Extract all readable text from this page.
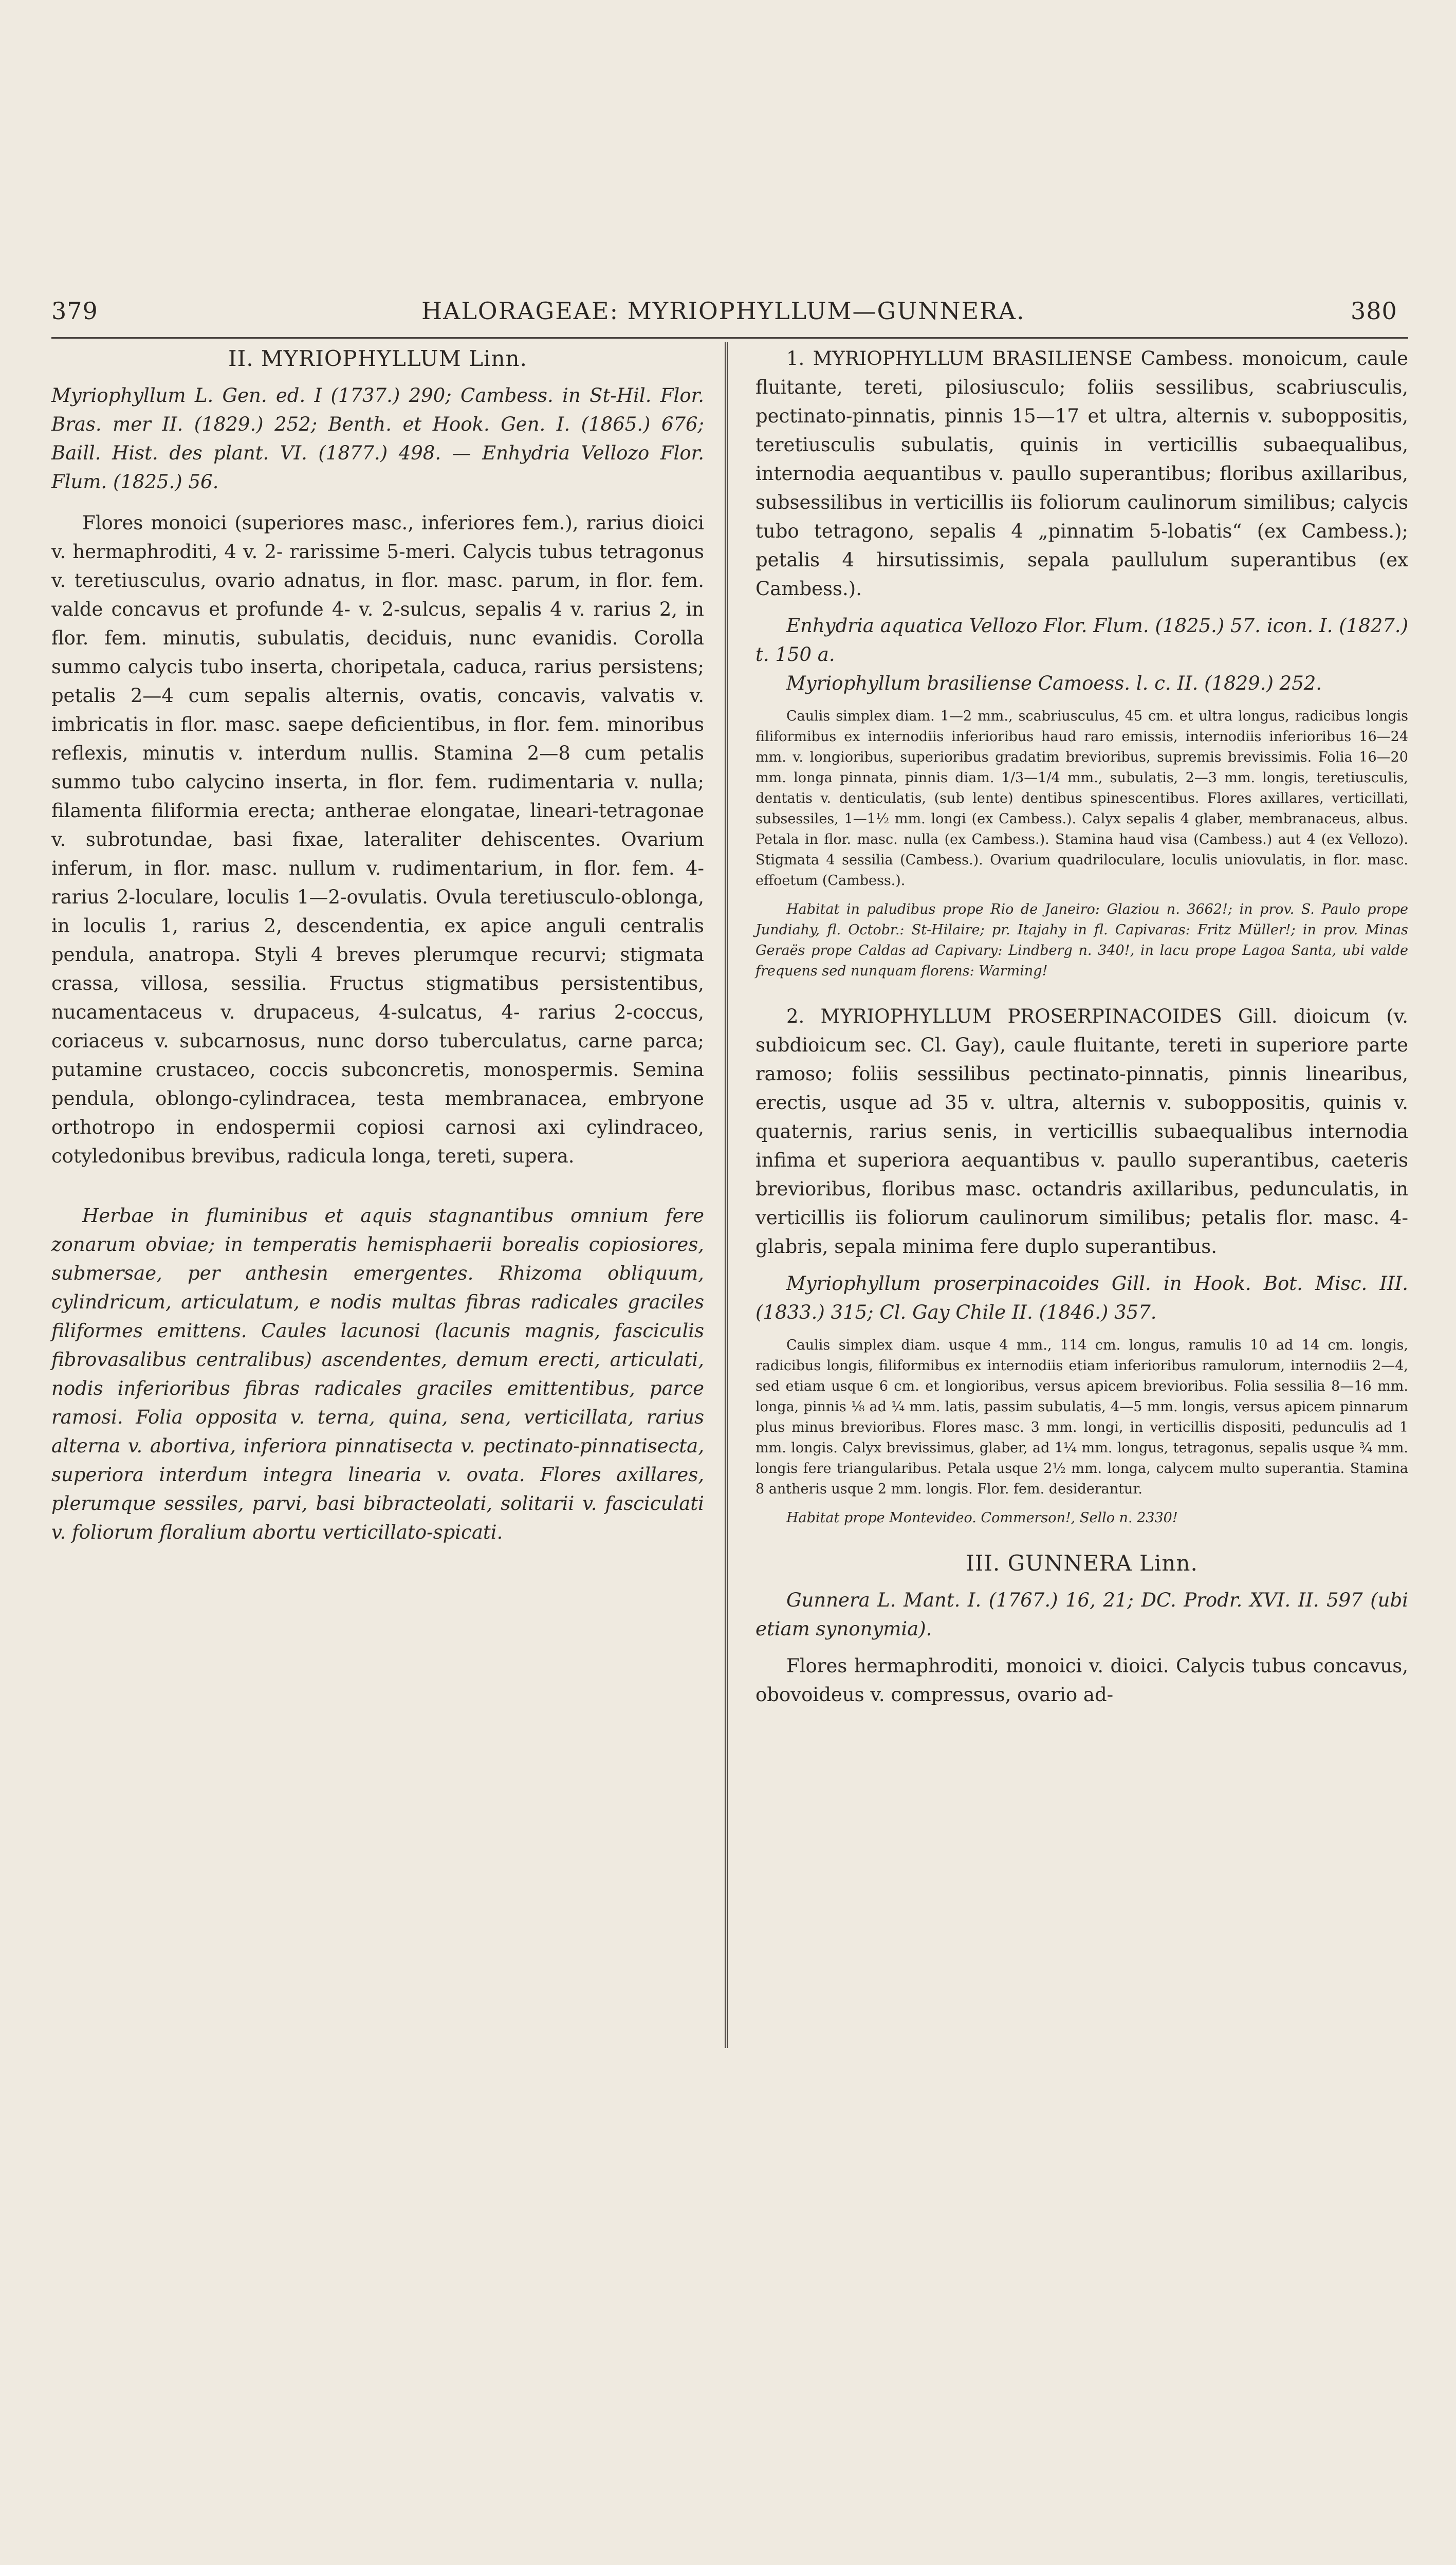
379	HALORAGEAE: MYRIOPHYLLUM—GUNNERA.	380
II. MYRIOPHYLLUM Linn.

Myriophyllum L. Gen. ed. I (1737.) 290; Cambess. in St-Hil. Flor. Bras. mer II. (1829.) 252; Benth. et Hook. Gen. I. (1865.) 676; Baill. Hist. des plant. VI. (1877.) 498. — Enhydria Vellozo Flor. Flum. (1825.) 56.

Flores monoici (superiores masc., inferiores fem.), rarius dioici v. hermaphroditi, 4 v. 2- rarissime 5-meri. Calycis tubus tetragonus v. teretiusculus, ovario adnatus, in flor. masc. parum, in flor. fem. valde concavus et profunde 4- v. 2-sulcus, sepalis 4 v. rarius 2, in flor. fem. minutis, subulatis, deciduis, nunc evanidis. Corolla summo calycis tubo inserta, choripetala, caduca, rarius persistens; petalis 2—4 cum sepalis alternis, ovatis, concavis, valvatis v. imbricatis in flor. masc. saepe deficientibus, in flor. fem. minoribus reflexis, minutis v. interdum nullis. Stamina 2—8 cum petalis summo tubo calycino inserta, in flor. fem. rudimentaria v. nulla; filamenta filiformia erecta; antherae elongatae, lineari-tetragonae v. subrotundae, basi fixae, lateraliter dehiscentes. Ovarium inferum, in flor. masc. nullum v. rudimentarium, in flor. fem. 4- rarius 2-loculare, loculis 1—2-ovulatis. Ovula teretiusculo-oblonga, in loculis 1, rarius 2, descendentia, ex apice anguli centralis pendula, anatropa. Styli 4 breves plerumque recurvi; stigmata crassa, villosa, sessilia. Fructus stigmatibus persistentibus, nucamentaceus v. drupaceus, 4-sulcatus, 4- rarius 2-coccus, coriaceus v. subcarnosus, nunc dorso tuberculatus, carne parca; putamine crustaceo, coccis subconcretis, monospermis. Semina pendula, oblongo-cylindracea, testa membranacea, embryone orthotropo in endospermii copiosi carnosi axi cylindraceo, cotyledonibus brevibus, radicula longa, tereti, supera.

Herbae in fluminibus et aquis stagnantibus omnium fere zonarum obviae; in temperatis hemisphaerii borealis copiosiores, submersae, per anthesin emergentes. Rhizoma obliquum, cylindricum, articulatum, e nodis multas fibras radicales graciles filiformes emittens. Caules lacunosi (lacunis magnis, fasciculis fibrovasalibus centralibus) ascendentes, demum erecti, articulati, nodis inferioribus fibras radicales graciles emittentibus, parce ramosi. Folia opposita v. terna, quina, sena, verticillata, rarius alterna v. abortiva, inferiora pinnatisecta v. pectinato-pinnatisecta, superiora interdum integra linearia v. ovata. Flores axillares, plerumque sessiles, parvi, basi bibracteolati, solitarii v. fasciculati v. foliorum floralium abortu verticillato-spicati.

1. MYRIOPHYLLUM BRASILIENSE Cambess. monoicum, caule fluitante, tereti, pilosiusculo; foliis sessilibus, scabriusculis, pectinato-pinnatis, pinnis 15—17 et ultra, alternis v. suboppositis, teretiusculis subulatis, quinis in verticillis subaequalibus, internodia aequantibus v. paullo superantibus; floribus axillaribus, subsessilibus in verticillis iis foliorum caulinorum similibus; calycis tubo tetragono, sepalis 4 „pinnatim 5-lobatis“ (ex Cambess.); petalis 4 hirsutissimis, sepala paullulum superantibus (ex Cambess.).

Enhydria aquatica Vellozo Flor. Flum. (1825.) 57. icon. I. (1827.) t. 150 a.

Myriophyllum brasiliense Camoess. l. c. II. (1829.) 252.

Caulis simplex diam. 1—2 mm., scabriusculus, 45 cm. et ultra longus, radicibus longis filiformibus ex internodiis inferioribus haud raro emissis, internodiis inferioribus 16—24 mm. v. longioribus, superioribus gradatim brevioribus, supremis brevissimis. Folia 16—20 mm. longa pinnata, pinnis diam. 1/3—1/4 mm., subulatis, 2—3 mm. longis, teretiusculis, dentatis v. denticulatis, (sub lente) dentibus spinescentibus. Flores axillares, verticillati, subsessiles, 1—1½ mm. longi (ex Cambess.). Calyx sepalis 4 glaber, membranaceus, albus. Petala in flor. masc. nulla (ex Cambess.). Stamina haud visa (Cambess.) aut 4 (ex Vellozo). Stigmata 4 sessilia (Cambess.). Ovarium quadriloculare, loculis uniovulatis, in flor. masc. effoetum (Cambess.).

Habitat in paludibus prope Rio de Janeiro: Glaziou n. 3662!; in prov. S. Paulo prope Jundiahy, fl. Octobr.: St-Hilaire; pr. Itajahy in fl. Capivaras: Fritz Müller!; in prov. Minas Geraës prope Caldas ad Capivary: Lindberg n. 340!, in lacu prope Lagoa Santa, ubi valde frequens sed nunquam florens: Warming!

2. MYRIOPHYLLUM PROSERPINACOIDES Gill. dioicum (v. subdioicum sec. Cl. Gay), caule fluitante, tereti in superiore parte ramoso; foliis sessilibus pectinato-pinnatis, pinnis linearibus, erectis, usque ad 35 v. ultra, alternis v. suboppositis, quinis v. quaternis, rarius senis, in verticillis subaequalibus internodia infima et superiora aequantibus v. paullo superantibus, caeteris brevioribus, floribus masc. octandris axillaribus, pedunculatis, in verticillis iis foliorum caulinorum similibus; petalis flor. masc. 4-glabris, sepala minima fere duplo superantibus.

Myriophyllum proserpinacoides Gill. in Hook. Bot. Misc. III. (1833.) 315; Cl. Gay Chile II. (1846.) 357.

Caulis simplex diam. usque 4 mm., 114 cm. longus, ramulis 10 ad 14 cm. longis, radicibus longis, filiformibus ex internodiis etiam inferioribus ramulorum, internodiis 2—4, sed etiam usque 6 cm. et longioribus, versus apicem brevioribus. Folia sessilia 8—16 mm. longa, pinnis ⅛ ad ¼ mm. latis, passim subulatis, 4—5 mm. longis, versus apicem pinnarum plus minus brevioribus. Flores masc. 3 mm. longi, in verticillis dispositi, pedunculis ad 1 mm. longis. Calyx brevissimus, glaber, ad 1¼ mm. longus, tetragonus, sepalis usque ¾ mm. longis fere triangularibus. Petala usque 2½ mm. longa, calycem multo superantia. Stamina 8 antheris usque 2 mm. longis. Flor. fem. desiderantur.

Habitat prope Montevideo. Commerson!, Sello n. 2330!

III. GUNNERA Linn.

Gunnera L. Mant. I. (1767.) 16, 21; DC. Prodr. XVI. II. 597 (ubi etiam synonymia).

Flores hermaphroditi, monoici v. dioici. Calycis tubus concavus, obovoideus v. compressus, ovario ad-
